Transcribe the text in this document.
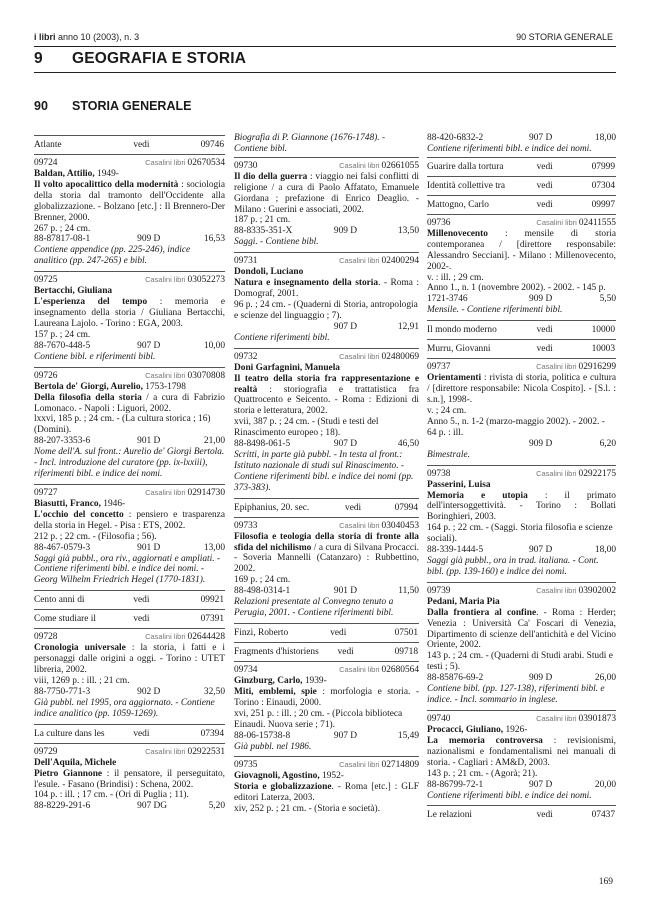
i libri anno 10 (2003), n. 3	90 STORIA GENERALE
9 GEOGRAFIA E STORIA
90 STORIA GENERALE
Atlante	vedi	09746
09724	Casalini libri 02670534
Baldan, Attilio, 1949-
Il volto apocalittico della modernità : sociologia della storia dal tramonto dell'Occidente alla globalizzazione. - Bolzano [etc.] : Il Brennero-Der Brenner, 2000.
267 p. ; 24 cm.
88-87817-08-1	909 D	16,53
Contiene appendice (pp. 225-246), indice analitico (pp. 247-265) e bibl.
09725	Casalini libri 03052273
Bertacchi, Giuliana
L'esperienza del tempo : memoria e insegnamento della storia / Giuliana Bertacchi, Laureana Lajolo. - Torino : EGA, 2003.
157 p. ; 24 cm.
88-7670-448-5	907 D	10,00
Contiene bibl. e riferimenti bibl.
09726	Casalini libri 03070808
Bertola de' Giorgi, Aurelio, 1753-1798
Della filosofia della storia / a cura di Fabrizio Lomonaco. - Napoli : Liguori, 2002.
lxxvi, 185 p. ; 24 cm. - (La cultura storica ; 16) (Domini).
88-207-3353-6	901 D	21,00
Nome dell'A. sul front.: Aurelio de' Giorgi Bertola. - Incl. introduzione del curatore (pp. ix-lxxiii), riferimenti bibl. e indice dei nomi.
09727	Casalini libri 02914730
Biasutti, Franco, 1946-
L'occhio del concetto : pensiero e trasparenza della storia in Hegel. - Pisa : ETS, 2002.
212 p. ; 22 cm. - (Filosofia ; 56).
88-467-0579-3	901 D	13,00
Saggi già pubbl., ora riv., aggiornati e ampliati. - Contiene riferimenti bibl. e indice dei nomi. - Georg Wilhelm Friedrich Hegel (1770-1831).
Cento anni di	vedi	09921
Come studiare il	vedi	07391
09728	Casalini libri 02644428
Cronologia universale : la storia, i fatti e i personaggi dalle origini a oggi. - Torino : UTET libreria, 2002.
viii, 1269 p. : ill. ; 21 cm.
88-7750-771-3	902 D	32,50
Già pubbl. nel 1995, ora aggiornato. - Contiene indice analitico (pp. 1059-1269).
La culture dans les	vedi	07394
09729	Casalini libri 02922531
Dell'Aquila, Michele
Pietro Giannone : il pensatore, il perseguitato, l'esule. - Fasano (Brindisi) : Schena, 2002.
104 p. : ill. ; 17 cm. - (Ori di Puglia ; 11).
88-8229-291-6	907 DG	5,20
Biografia di P. Giannone (1676-1748). - Contiene bibl.
09730	Casalini libri 02661055
Il dio della guerra : viaggio nei falsi conflitti di religione / a cura di Paolo Affatato, Emanuele Giordana ; prefazione di Enrico Deaglio. - Milano : Guerini e associati, 2002.
187 p. ; 21 cm.
88-8335-351-X	909 D	13,50
Saggi. - Contiene bibl.
09731	Casalini libri 02400294
Dondoli, Luciano
Natura e insegnamento della storia. - Roma : Domograf, 2001.
96 p. ; 24 cm. - (Quaderni di Storia, antropologia e scienze del linguaggio ; 7).
907 D	12,91
Contiene riferimenti bibl.
09732	Casalini libri 02480069
Doni Garfagnini, Manuela
Il teatro della storia fra rappresentazione e realtà : storiografia e trattatistica fra Quattrocento e Seicento. - Roma : Edizioni di storia e letteratura, 2002.
xvii, 387 p. ; 24 cm. - (Studi e testi del Rinascimento europeo ; 18).
88-8498-061-5	907 D	46,50
Scritti, in parte già pubbl. - In testa al front.: Istituto nazionale di studi sul Rinascimento. - Contiene riferimenti bibl. e indice dei nomi (pp. 373-383).
Epiphanius, 20. sec.	vedi	07994
09733	Casalini libri 03040453
Filosofia e teologia della storia di fronte alla sfida del nichilismo / a cura di Silvana Procacci. - Soveria Mannelli (Catanzaro) : Rubbettino, 2002.
169 p. ; 24 cm.
88-498-0314-1	901 D	11,50
Relazioni presentate al Convegno tenuto a Perugia, 2001. - Contiene riferimenti bibl.
Finzi, Roberto	vedi	07501
Fragments d'historiens vedi	09718
09734	Casalini libri 02680564
Ginzburg, Carlo, 1939-
Miti, emblemi, spie : morfologia e storia. - Torino : Einaudi, 2000.
xvi, 251 p. : ill. ; 20 cm. - (Piccola biblioteca Einaudi. Nuova serie ; 71).
88-06-15738-8	907 D	15,49
Già pubbl. nel 1986.
09735	Casalini libri 02714809
Giovagnoli, Agostino, 1952-
Storia e globalizzazione. - Roma [etc.] : GLF editori Laterza, 2003.
xiv, 252 p. ; 21 cm. - (Storia e società).
88-420-6832-2	907 D	18,00
Contiene riferimenti bibl. e indice dei nomi.
Guarire dalla tortura	vedi	07999
Identità collettive tra	vedi	07304
Mattogno, Carlo	vedi	09997
09736	Casalini libri 02411555
Millenovecento : mensile di storia contemporanea / [direttore responsabile: Alessandro Secciani]. - Milano : Millenovecento, 2002-.
v. : ill. ; 29 cm.
Anno 1., n. 1 (novembre 2002). - 2002. - 145 p.
1721-3746	909 D	5,50
Mensile. - Contiene riferimenti bibl.
Il mondo moderno	vedi	10000
Murru, Giovanni	vedi	10003
09737	Casalini libri 02916299
Orientamenti : rivista di storia, politica e cultura / [direttore responsabile: Nicola Cospito]. - [S.l. : s.n.], 1998-.
v. ; 24 cm.
Anno 5., n. 1-2 (marzo-maggio 2002). - 2002. - 64 p. : ill.
909 D	6,20
Bimestrale.
09738	Casalini libri 02922175
Passerini, Luisa
Memoria e utopia : il primato dell'intersoggettività. - Torino : Bollati Boringhieri, 2003.
164 p. ; 22 cm. - (Saggi. Storia filosofia e scienze sociali).
88-339-1444-5	907 D	18,00
Saggi già pubbl., ora in trad. italiana. - Cont. bibl. (pp. 139-160) e indice dei nomi.
09739	Casalini libri 03902002
Pedani, Maria Pia
Dalla frontiera al confine. - Roma : Herder; Venezia : Università Ca' Foscari di Venezia, Dipartimento di scienze dell'antichità e del Vicino Oriente, 2002.
143 p. ; 24 cm. - (Quaderni di Studi arabi. Studi e testi ; 5).
88-85876-69-2	909 D	26,00
Contiene bibl. (pp. 127-138), riferimenti bibl. e indice. - Incl. sommario in inglese.
09740	Casalini libri 03901873
Procacci, Giuliano, 1926-
La memoria controversa : revisionismi, nazionalismi e fondamentalismi nei manuali di storia. - Cagliari : AM&D, 2003.
143 p. ; 21 cm. - (Agorà; 21).
88-86799-72-1	907 D	20,00
Contiene riferimenti bibl. e indice dei nomi.
Le relazioni	vedi	07437
169
